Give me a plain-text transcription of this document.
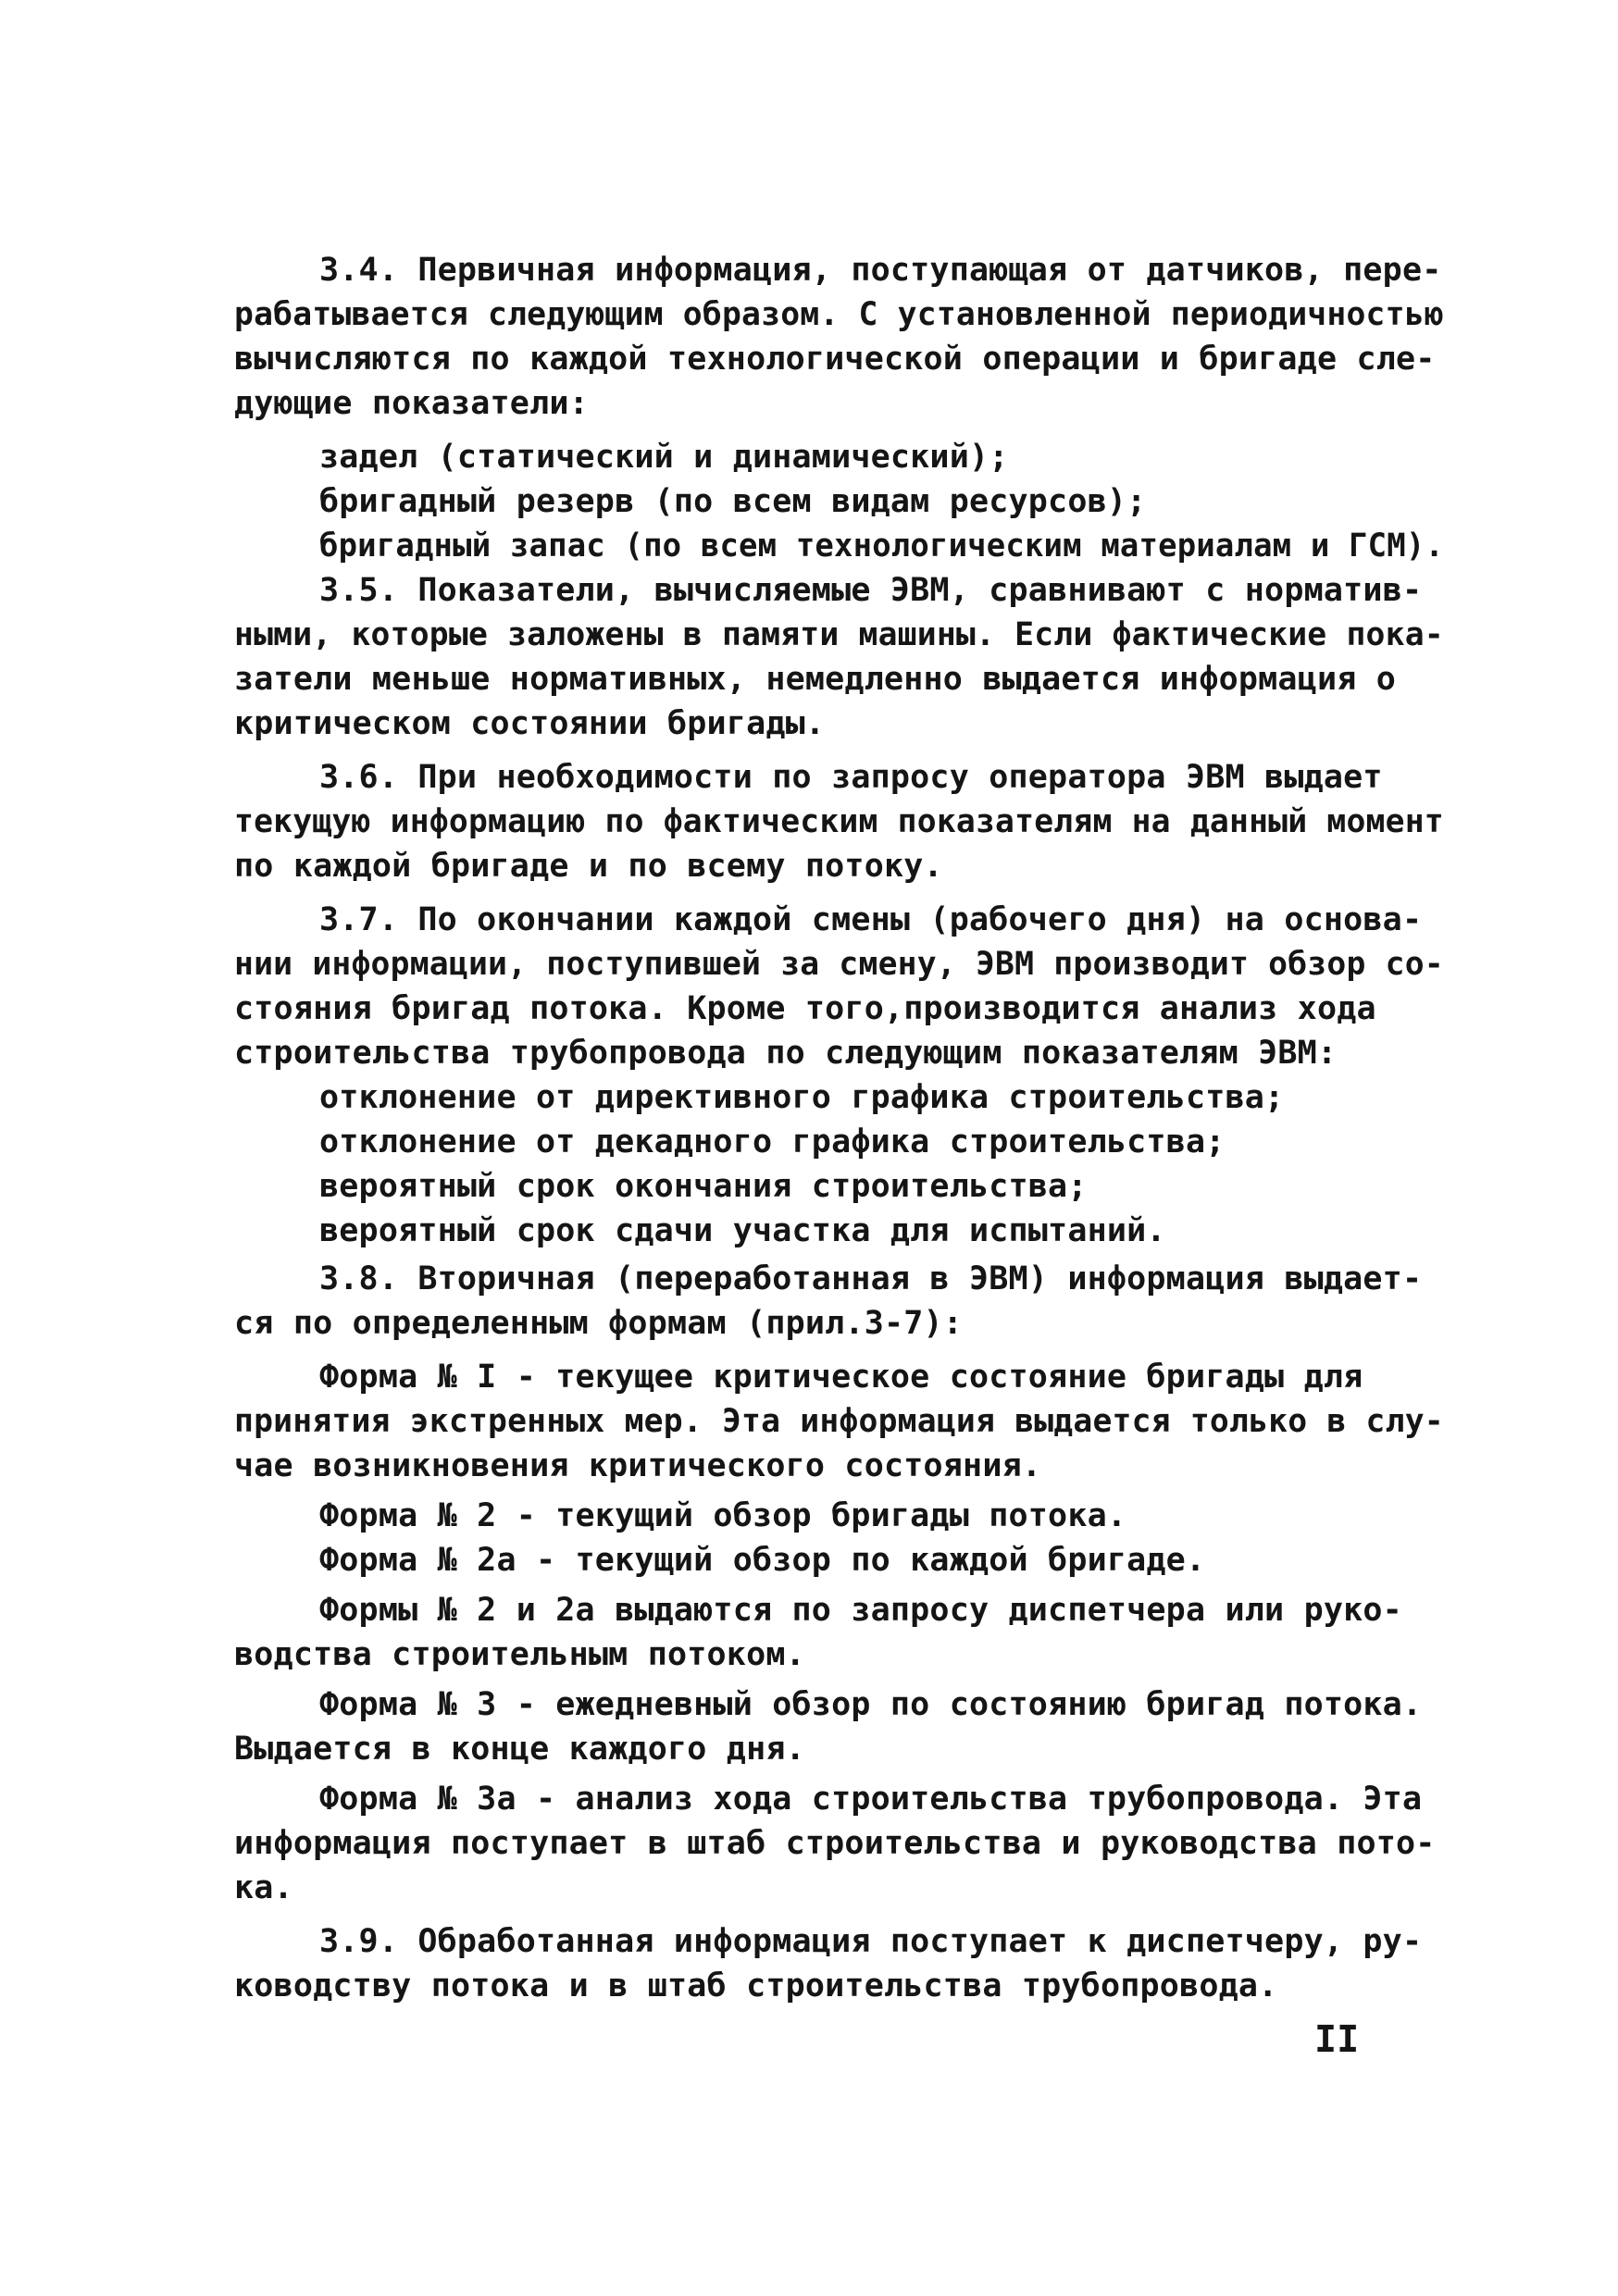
3.4. Первичная информация, поступающая от датчиков, пере-
рабатывается следующим образом. С установленной периодичностью
вычисляются по каждой технологической операции и бригаде сле-
дующие показатели:
задел (статический и динамический);
бригадный резерв (по всем видам ресурсов);
бригадный запас (по всем технологическим материалам и ГСМ).
3.5. Показатели, вычисляемые ЭВМ, сравнивают с норматив-
ными, которые заложены в памяти машины. Если фактические пока-
затели меньше нормативных, немедленно выдается информация о
критическом состоянии бригады.
3.6. При необходимости по запросу оператора ЭВМ выдает
текущую информацию по фактическим показателям на данный момент
по каждой бригаде и по всему потоку.
3.7. По окончании каждой смены (рабочего дня) на основа-
нии информации, поступившей за смену, ЭВМ производит обзор со-
стояния бригад потока. Кроме того,производится анализ хода
строительства трубопровода по следующим показателям ЭВМ:
отклонение от директивного графика строительства;
отклонение от декадного графика строительства;
вероятный срок окончания строительства;
вероятный срок сдачи участка для испытаний.
3.8. Вторичная (переработанная в ЭВМ) информация выдает-
ся по определенным формам (прил.3-7):
Форма № I - текущее критическое состояние бригады для
принятия экстренных мер. Эта информация выдается только в слу-
чае возникновения критического состояния.
Форма № 2 - текущий обзор бригады потока.
Форма № 2а - текущий обзор по каждой бригаде.
Формы № 2 и 2а выдаются по запросу диспетчера или руко-
водства строительным потоком.
Форма № 3 - ежедневный обзор по состоянию бригад потока.
Выдается в конце каждого дня.
Форма № 3а - анализ хода строительства трубопровода. Эта
информация поступает в штаб строительства и руководства пото-
ка.
3.9. Обработанная информация поступает к диспетчеру, ру-
ководству потока и в штаб строительства трубопровода.
II
